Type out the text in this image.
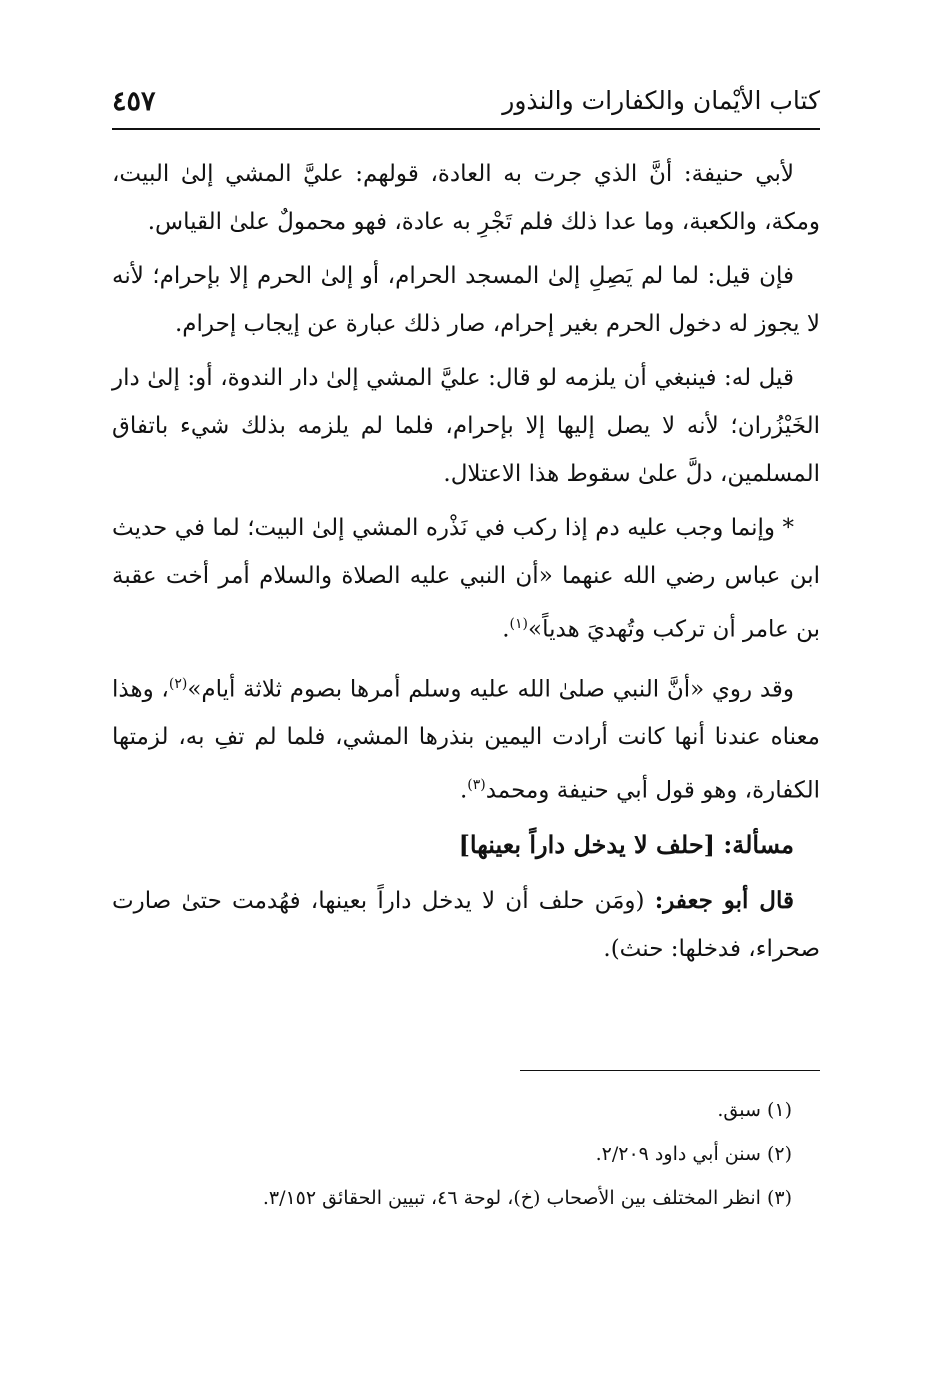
كتاب الأيْمان والكفارات والنذور
٤٥٧

لأبي حنيفة: أنَّ الذي جرت به العادة، قولهم: عليَّ المشي إلىٰ البيت، ومكة، والكعبة، وما عدا ذلك فلم تَجْرِ به عادة، فهو محمولٌ علىٰ القياس.

فإن قيل: لما لم يَصِلِ إلىٰ المسجد الحرام، أو إلىٰ الحرم إلا بإحرام؛ لأنه لا يجوز له دخول الحرم بغير إحرام، صار ذلك عبارة عن إيجاب إحرام.

قيل له: فينبغي أن يلزمه لو قال: عليَّ المشي إلىٰ دار الندوة، أو: إلىٰ دار الخَيْزُران؛ لأنه لا يصل إليها إلا بإحرام، فلما لم يلزمه بذلك شيء باتفاق المسلمين، دلَّ علىٰ سقوط هذا الاعتلال.

* وإنما وجب عليه دم إذا ركب في نَذْره المشي إلىٰ البيت؛ لما في حديث ابن عباس رضي الله عنهما «أن النبي عليه الصلاة والسلام أمر أخت عقبة بن عامر أن تركب وتُهديَ هدياً»$^{(١)}$.

وقد روي «أنَّ النبي صلىٰ الله عليه وسلم أمرها بصوم ثلاثة أيام»$^{(٢)}$، وهذا معناه عندنا أنها كانت أرادت اليمين بنذرها المشي، فلما لم تفِ به، لزمتها الكفارة، وهو قول أبي حنيفة ومحمد$^{(٣)}$.

مسألة: [حلف لا يدخل داراً بعينها]

قال أبو جعفر: (ومَن حلف أن لا يدخل داراً بعينها، فهُدمت حتىٰ صارت صحراء، فدخلها: حنث).

(١) سبق.
(٢) سنن أبي داود ٢/٢٠٩.
(٣) انظر المختلف بين الأصحاب (خ)، لوحة ٤٦، تبيين الحقائق ٣/١٥٢.
